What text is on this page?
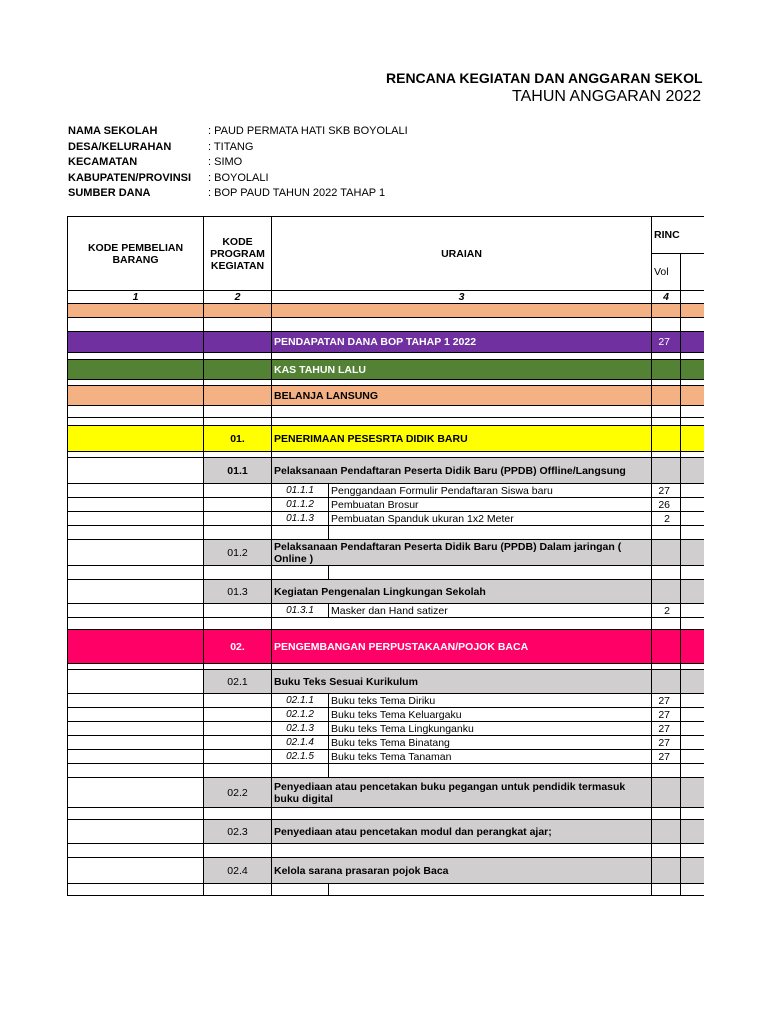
RENCANA KEGIATAN DAN ANGGARAN SEKOL
TAHUN ANGGARAN 2022
NAMA SEKOLAH	: PAUD PERMATA HATI SKB BOYOLALI
DESA/KELURAHAN	: TITANG
KECAMATAN	: SIMO
KABUPATEN/PROVINSI	: BOYOLALI
SUMBER DANA	: BOP PAUD TAHUN 2022 TAHAP 1
KODE PEMBELIAN BARANG	KODE PROGRAM KEGIATAN	URAIAN		RINC	
				Vol	
1	2	3		4	

		PENDAPATAN DANA BOP TAHAP 1 2022		27	

		KAS TAHUN LALU			

		BELANJA LANSUNG			

	01.	PENERIMAAN PESESRTA DIDIK BARU			

	01.1	Pelaksanaan Pendaftaran Peserta Didik Baru (PPDB) Offline/Langsung			
		01.1.1	Penggandaan Formulir Pendaftaran Siswa baru	27	
		01.1.2	Pembuatan Brosur	26	
		01.1.3	Pembuatan Spanduk ukuran 1x2 Meter	2	

	01.2	Pelaksanaan Pendaftaran Peserta Didik Baru (PPDB) Dalam jaringan ( Online )			

	01.3	Kegiatan Pengenalan Lingkungan Sekolah			
		01.3.1	Masker dan Hand satizer	2	

	02.	PENGEMBANGAN PERPUSTAKAAN/POJOK BACA			

	02.1	Buku Teks Sesuai Kurikulum			
		02.1.1	Buku teks Tema Diriku	27	
		02.1.2	Buku teks Tema Keluargaku	27	
		02.1.3	Buku teks Tema Lingkunganku	27	
		02.1.4	Buku teks Tema Binatang	27	
		02.1.5	Buku teks Tema Tanaman	27	

	02.2	Penyediaan atau pencetakan buku pegangan untuk pendidik termasuk buku digital			

	02.3	Penyediaan atau pencetakan modul dan perangkat ajar;			

	02.4	Kelola sarana prasaran pojok Baca			
